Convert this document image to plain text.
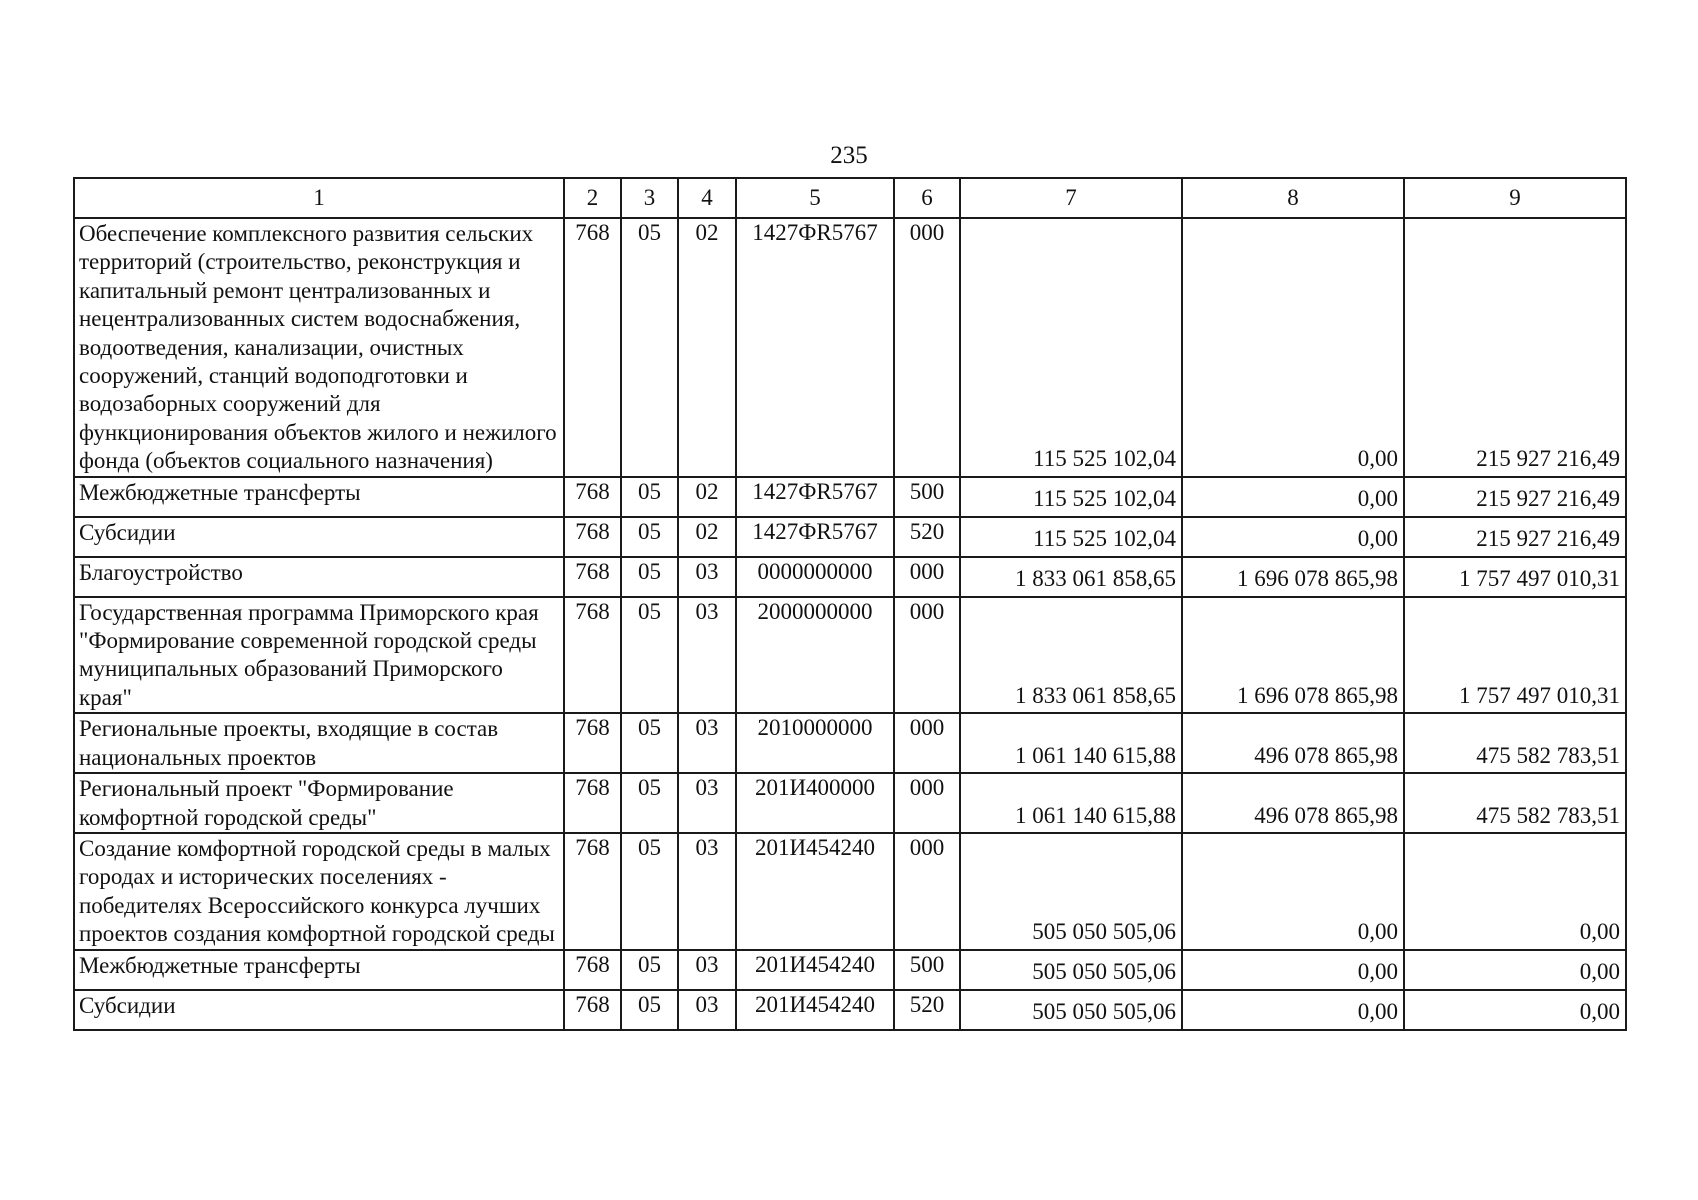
235
1	2	3	4	5	6	7	8	9
Обеспечение комплексного развития сельских территорий (строительство, реконструкция и капитальный ремонт централизованных и нецентрализованных систем водоснабжения, водоотведения, канализации, очистных сооружений, станций водоподготовки и водозаборных сооружений для функционирования объектов жилого и нежилого фонда (объектов социального назначения)	768	05	02	1427ФR5767	000	115 525 102,04	0,00	215 927 216,49
Межбюджетные трансферты	768	05	02	1427ФR5767	500	115 525 102,04	0,00	215 927 216,49
Субсидии	768	05	02	1427ФR5767	520	115 525 102,04	0,00	215 927 216,49
Благоустройство	768	05	03	0000000000	000	1 833 061 858,65	1 696 078 865,98	1 757 497 010,31
Государственная программа Приморского края "Формирование современной городской среды муниципальных образований Приморского края"	768	05	03	2000000000	000	1 833 061 858,65	1 696 078 865,98	1 757 497 010,31
Региональные проекты, входящие в состав национальных проектов	768	05	03	2010000000	000	1 061 140 615,88	496 078 865,98	475 582 783,51
Региональный проект "Формирование комфортной городской среды"	768	05	03	201И400000	000	1 061 140 615,88	496 078 865,98	475 582 783,51
Создание комфортной городской среды в малых городах и исторических поселениях - победителях Всероссийского конкурса лучших проектов создания комфортной городской среды	768	05	03	201И454240	000	505 050 505,06	0,00	0,00
Межбюджетные трансферты	768	05	03	201И454240	500	505 050 505,06	0,00	0,00
Субсидии	768	05	03	201И454240	520	505 050 505,06	0,00	0,00
